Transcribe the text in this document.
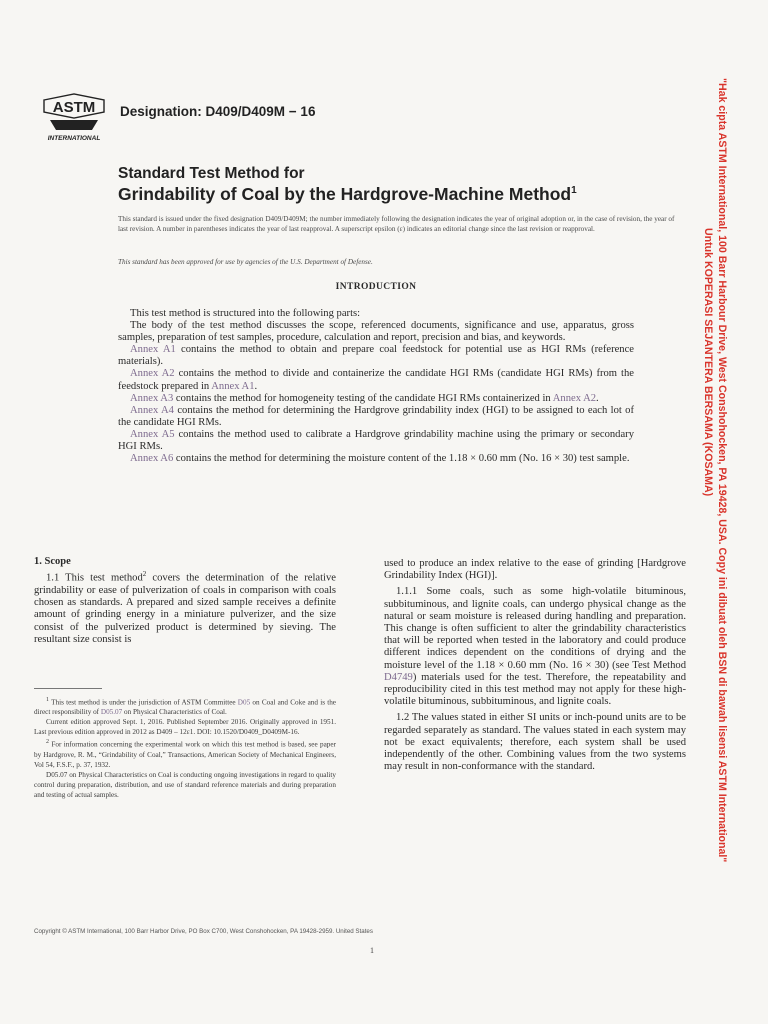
ASTM
INTERNATIONAL
Designation: D409/D409M − 16
Standard Test Method for
Grindability of Coal by the Hardgrove-Machine Method$^1$
This standard is issued under the fixed designation D409/D409M; the number immediately following the designation indicates the year of original adoption or, in the case of revision, the year of last revision. A number in parentheses indicates the year of last reapproval. A superscript epsilon (ε) indicates an editorial change since the last revision or reapproval.
This standard has been approved for use by agencies of the U.S. Department of Defense.
INTRODUCTION

This test method is structured into the following parts:

The body of the test method discusses the scope, referenced documents, significance and use, apparatus, gross samples, preparation of test samples, procedure, calculation and report, precision and bias, and keywords.

Annex A1 contains the method to obtain and prepare coal feedstock for potential use as HGI RMs (reference materials).

Annex A2 contains the method to divide and containerize the candidate HGI RMs (candidate HGI RMs) from the feedstock prepared in Annex A1.

Annex A3 contains the method for homogeneity testing of the candidate HGI RMs containerized in Annex A2.

Annex A4 contains the method for determining the Hardgrove grindability index (HGI) to be assigned to each lot of the candidate HGI RMs.

Annex A5 contains the method used to calibrate a Hardgrove grindability machine using the primary or secondary HGI RMs.

Annex A6 contains the method for determining the moisture content of the 1.18 × 0.60 mm (No. 16 × 30) test sample.

1. Scope

1.1 This test method$^2$ covers the determination of the relative grindability or ease of pulverization of coals in comparison with coals chosen as standards. A prepared and sized sample receives a definite amount of grinding energy in a miniature pulverizer, and the size consist of the pulverized product is determined by sieving. The resultant size consist is

$^1$ This test method is under the jurisdiction of ASTM Committee D05 on Coal and Coke and is the direct responsibility of D05.07 on Physical Characteristics of Coal.

Current edition approved Sept. 1, 2016. Published September 2016. Originally approved in 1951. Last previous edition approved in 2012 as D409 – 12ε1. DOI: 10.1520/D0409_D0409M-16.

$^2$ For information concerning the experimental work on which this test method is based, see paper by Hardgrove, R. M., “Grindability of Coal,” Transactions, American Society of Mechanical Engineers, Vol 54, F.S.F., p. 37, 1932.

D05.07 on Physical Characteristics on Coal is conducting ongoing investigations in regard to quality control during preparation, distribution, and use of standard reference materials and during preparation and testing of actual samples.

used to produce an index relative to the ease of grinding [Hardgrove Grindability Index (HGI)].

1.1.1 Some coals, such as some high-volatile bituminous, subbituminous, and lignite coals, can undergo physical change as the natural or seam moisture is released during handling and preparation. This change is often sufficient to alter the grindability characteristics that will be reported when tested in the laboratory and could produce different indices dependent on the conditions of drying and the moisture level of the 1.18 × 0.60 mm (No. 16 × 30) (see Test Method D4749) materials used for the test. Therefore, the repeatability and reproducibility cited in this test method may not apply for these high-volatile bituminous, subbituminous, and lignite coals.

1.2 The values stated in either SI units or inch-pound units are to be regarded separately as standard. The values stated in each system may not be exact equivalents; therefore, each system shall be used independently of the other. Combining values from the two systems may result in non-conformance with the standard.

Copyright © ASTM International, 100 Barr Harbor Drive, PO Box C700, West Conshohocken, PA 19428-2959. United States
1
"Hak cipta ASTM International, 100 Barr Harbour Drive, West Conshohocken, PA 19428, USA. Copy ini dibuat oleh BSN di bawah lisensi ASTM International"
Untuk KOPERASI SEJANTERA BERSAMA (KOSAMA)
